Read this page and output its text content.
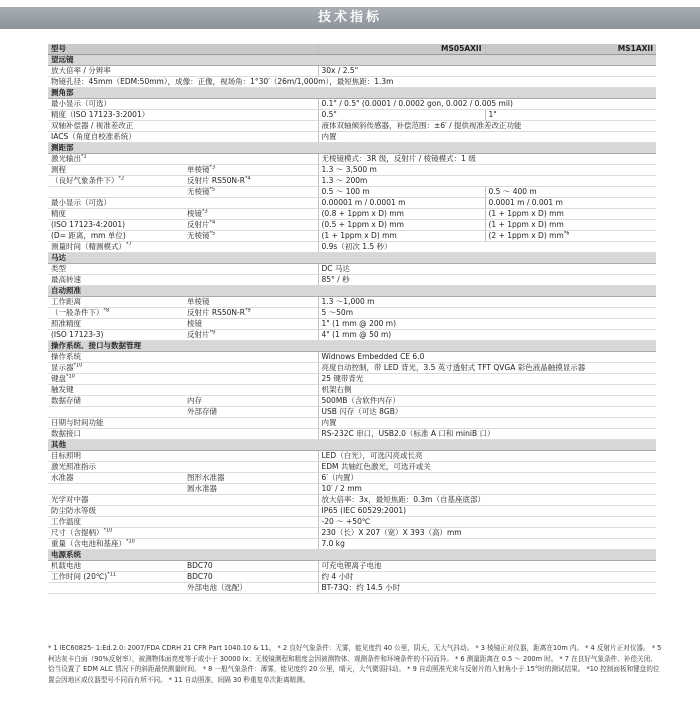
技术指标
型号		MS05AXII	MS1AXII
望远镜			
放大倍率 / 分辨率		30x / 2.5"	
物镜孔径：45mm（EDM:50mm），成像：正像，视场角：1°30′（26m/1,000m），最短焦距：1.3m			
测角部			
最小显示（可选）		0.1" / 0.5" (0.0001 / 0.0002 gon, 0.002 / 0.005 mil)	
精度（ISO 17123-3:2001）		0.5"	1"
双轴补偿器 / 视准差改正		液体双轴倾斜传感器，补偿范围：±6′ / 提供视准差改正功能	
IACS（角度自校准系统）		内置	
测距部			
激光输出$^{*1}$		无棱镜模式：3R 级，反射片 / 棱镜模式：1 级	
测程	单棱镜$^{*3}$	1.3 ～ 3,500 m	
（良好气象条件下）$^{*2}$	反射片 $RS50N-R^{*4}$	1.3 ～ 200m	
	无棱镜$^{*5}$	0.5 ～ 100 m	0.5 ～ 400 m
最小显示（可选）		0.00001 m / 0.0001 m	0.0001 m / 0.001 m
精度	棱镜$^{*3}$	(0.8 + 1ppm x D) mm	(1 + 1ppm x D) mm
(ISO 17123-4:2001)	反射片$^{*4}$	(0.5 + 1ppm x D) mm	(1 + 1ppm x D) mm
(D= 距离，mm 单位)	无棱镜$^{*5}$	(1 + 1ppm x D) mm	(2 + 1ppm x D) $mm^{*6}$
测量时间（精测模式）$^{*7}$		0.9s（初次 1.5 秒）	
马达			
类型		DC 马达	
最高转速		85° / 秒	
自动照准			
工作距离	单棱镜	1.3 ～1,000 m	
（一般条件下）$^{*8}$	反射片 $RS50N-R^{*9}$	5 ～50m	
照准精度	棱镜	1" (1 mm @ 200 m)	
(ISO 17123-3)	反射片$^{*9}$	4" (1 mm @ 50 m)	
操作系统、接口与数据管理			
操作系统		Widnows Embedded CE 6.0	
显示器$^{*10}$		亮度自动控制，带 LED 背光，3.5 英寸透射式 TFT QVGA 彩色液晶触摸显示器	
键盘$^{*10}$		25 键带背光	
触发键		机架右侧	
数据存储	内存	500MB（含软件内存）	
	外部存储	USB 闪存（可达 8GB）	
日期与时间功能		内置	
数据接口		RS-232C 串口，USB2.0（标准 A 口和 miniB 口）	
其他			
目标照明		LED（白光），可选闪亮或长亮	
激光照准指示		EDM 共轴红色激光，可选开或关	
水准器	图形水准器	6′（内置）	
	圆水准器	10′ / 2 mm	
光学对中器		放大倍率：3x，最短焦距：0.3m（自基座底部）	
防尘防水等级		IP65 (IEC 60529:2001)	
工作温度		-20 ～ +50℃	
尺寸（含提柄）$^{*10}$		230（长）X 207（宽）X 393（高）mm	
重量（含电池和基座）$^{*10}$		7.0 kg	
电源系统			
机载电池	BDC70	可充电锂离子电池	
工作时间 (20℃)$^{*11}$	BDC70	约 4 小时	
	外部电池（选配）	BT-73Q：约 14.5 小时	
* 1 IEC60825- 1:Ed.2.0: 2007/FDA CDRH 21 CFR Part 1040.10 & 11。 * 2 良好气象条件：无雾，能见度约 40 公里，阴天，无大气抖动。 * 3 棱镜正对仪器，距离在10m 内。 * 4 反射片正对仪器。 * 5 柯达灰卡白面（90%反射率），被测物体面亮度等于或小于 30000 lx；无棱镜测程和精度会因被测物体、观测条件和环境条件的不同而异。 * 6 测量距离在 0.5 ～ 200m 时。 * 7 在良好气象条件、补偿关闭、恰当设置了 EDM ALC 情况下的斜距最快测量时间。 * 8 一般气象条件：薄雾，能见度约 20 公里，晴天，大气微弱抖动。 * 9 自动照准光束与反射片的入射角小于 15°时的测试结果。 *10 控制面板和键盘的位置会因地区或仪器型号不同而有所不同。 * 11 自动照准，间隔 30 秒重复单次距离精测。
